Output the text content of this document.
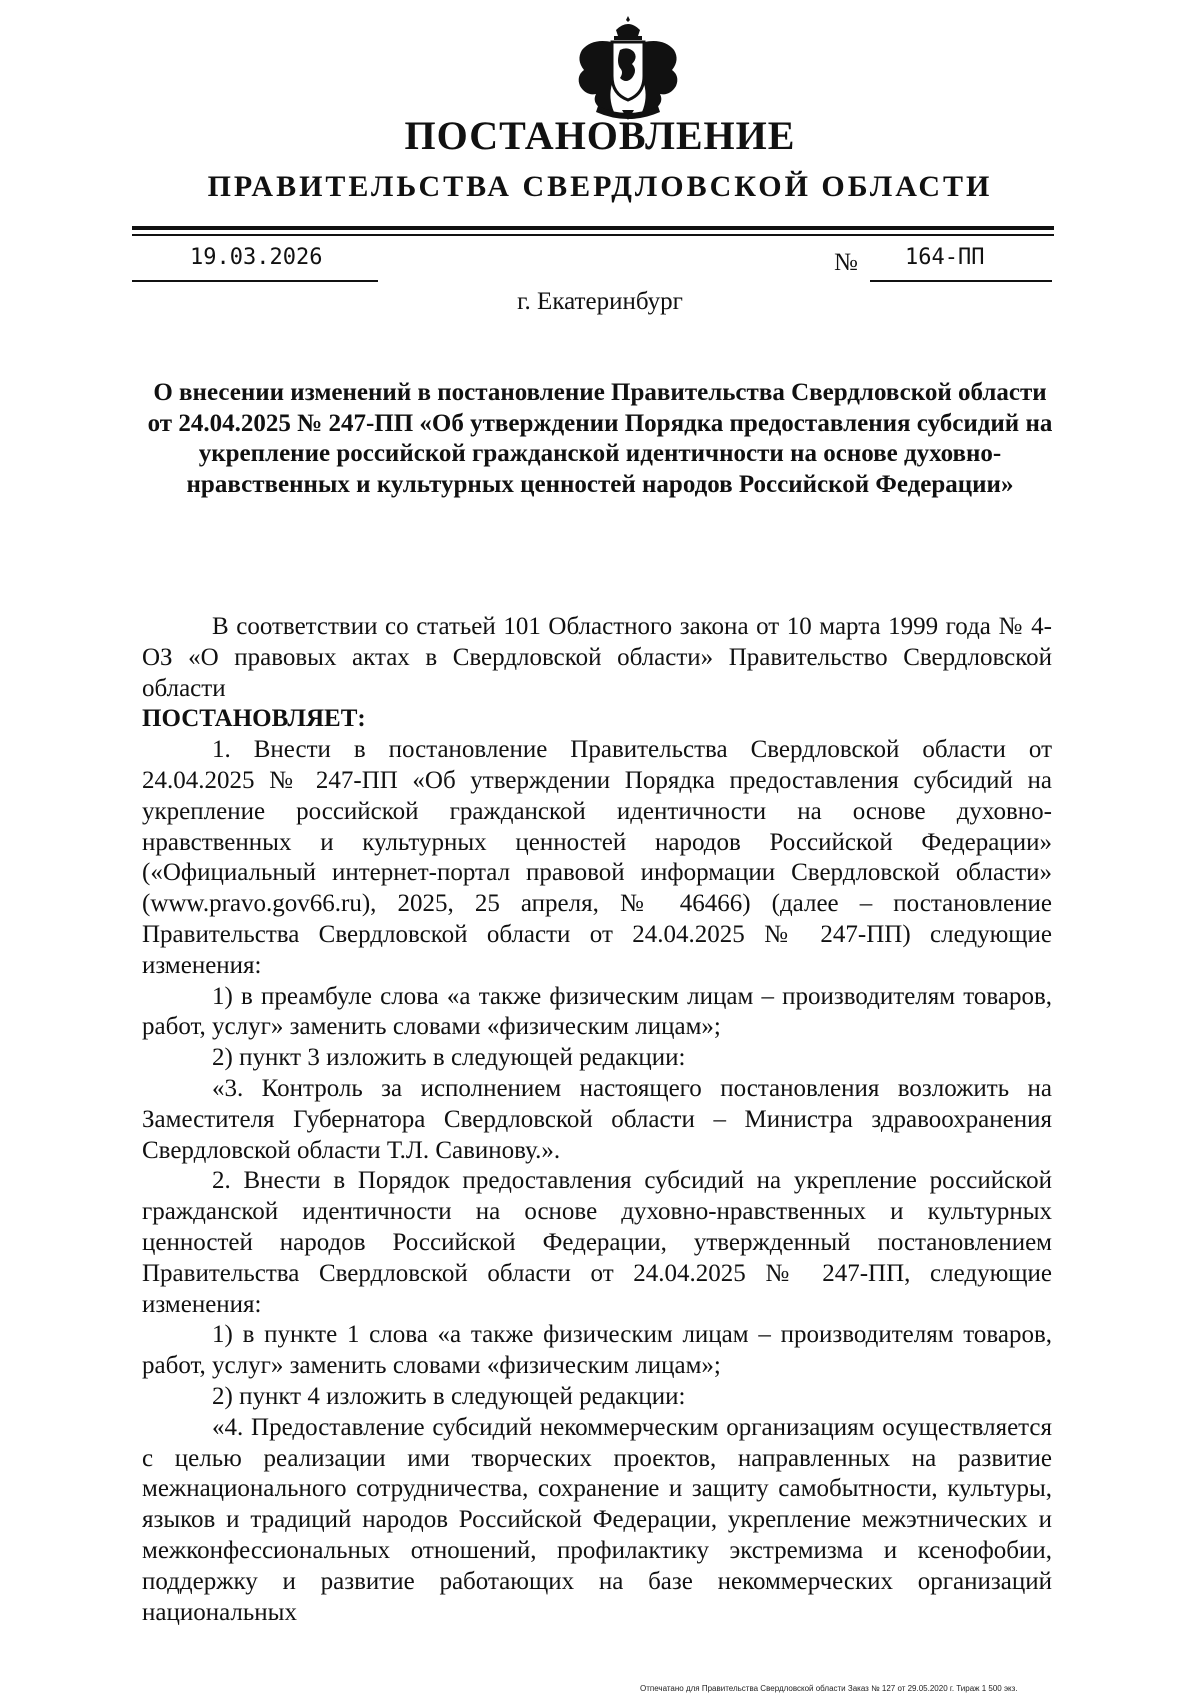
ПОСТАНОВЛЕНИЕ
ПРАВИТЕЛЬСТВА СВЕРДЛОВСКОЙ ОБЛАСТИ
19.03.2026	№ 164-ПП
г. Екатеринбург
О внесении изменений в постановление Правительства Свердловской области от 24.04.2025 № 247-ПП «Об утверждении Порядка предоставления субсидий на укрепление российской гражданской идентичности на основе духовно-нравственных и культурных ценностей народов Российской Федерации»

В соответствии со статьей 101 Областного закона от 10 марта 1999 года № 4-ОЗ «О правовых актах в Свердловской области» Правительство Свердловской области

ПОСТАНОВЛЯЕТ:

1. Внести в постановление Правительства Свердловской области от 24.04.2025 № 247-ПП «Об утверждении Порядка предоставления субсидий на укрепление российской гражданской идентичности на основе духовно-нравственных и культурных ценностей народов Российской Федерации» («Официальный интернет-портал правовой информации Свердловской области» (www.pravo.gov66.ru), 2025, 25 апреля, № 46466) (далее – постановление Правительства Свердловской области от 24.04.2025 № 247-ПП) следующие изменения:

1) в преамбуле слова «а также физическим лицам – производителям товаров, работ, услуг» заменить словами «физическим лицам»;

2) пункт 3 изложить в следующей редакции:

«3. Контроль за исполнением настоящего постановления возложить на Заместителя Губернатора Свердловской области – Министра здравоохранения Свердловской области Т.Л. Савинову.».

2. Внести в Порядок предоставления субсидий на укрепление российской гражданской идентичности на основе духовно-нравственных и культурных ценностей народов Российской Федерации, утвержденный постановлением Правительства Свердловской области от 24.04.2025 № 247-ПП, следующие изменения:

1) в пункте 1 слова «а также физическим лицам – производителям товаров, работ, услуг» заменить словами «физическим лицам»;

2) пункт 4 изложить в следующей редакции:

«4. Предоставление субсидий некоммерческим организациям осуществляется с целью реализации ими творческих проектов, направленных на развитие межнационального сотрудничества, сохранение и защиту самобытности, культуры, языков и традиций народов Российской Федерации, укрепление межэтнических и межконфессиональных отношений, профилактику экстремизма и ксенофобии, поддержку и развитие работающих на базе некоммерческих организаций национальных

Отпечатано для Правительства Свердловской области Заказ № 127 от 29.05.2020 г. Тираж 1 500 экз.
